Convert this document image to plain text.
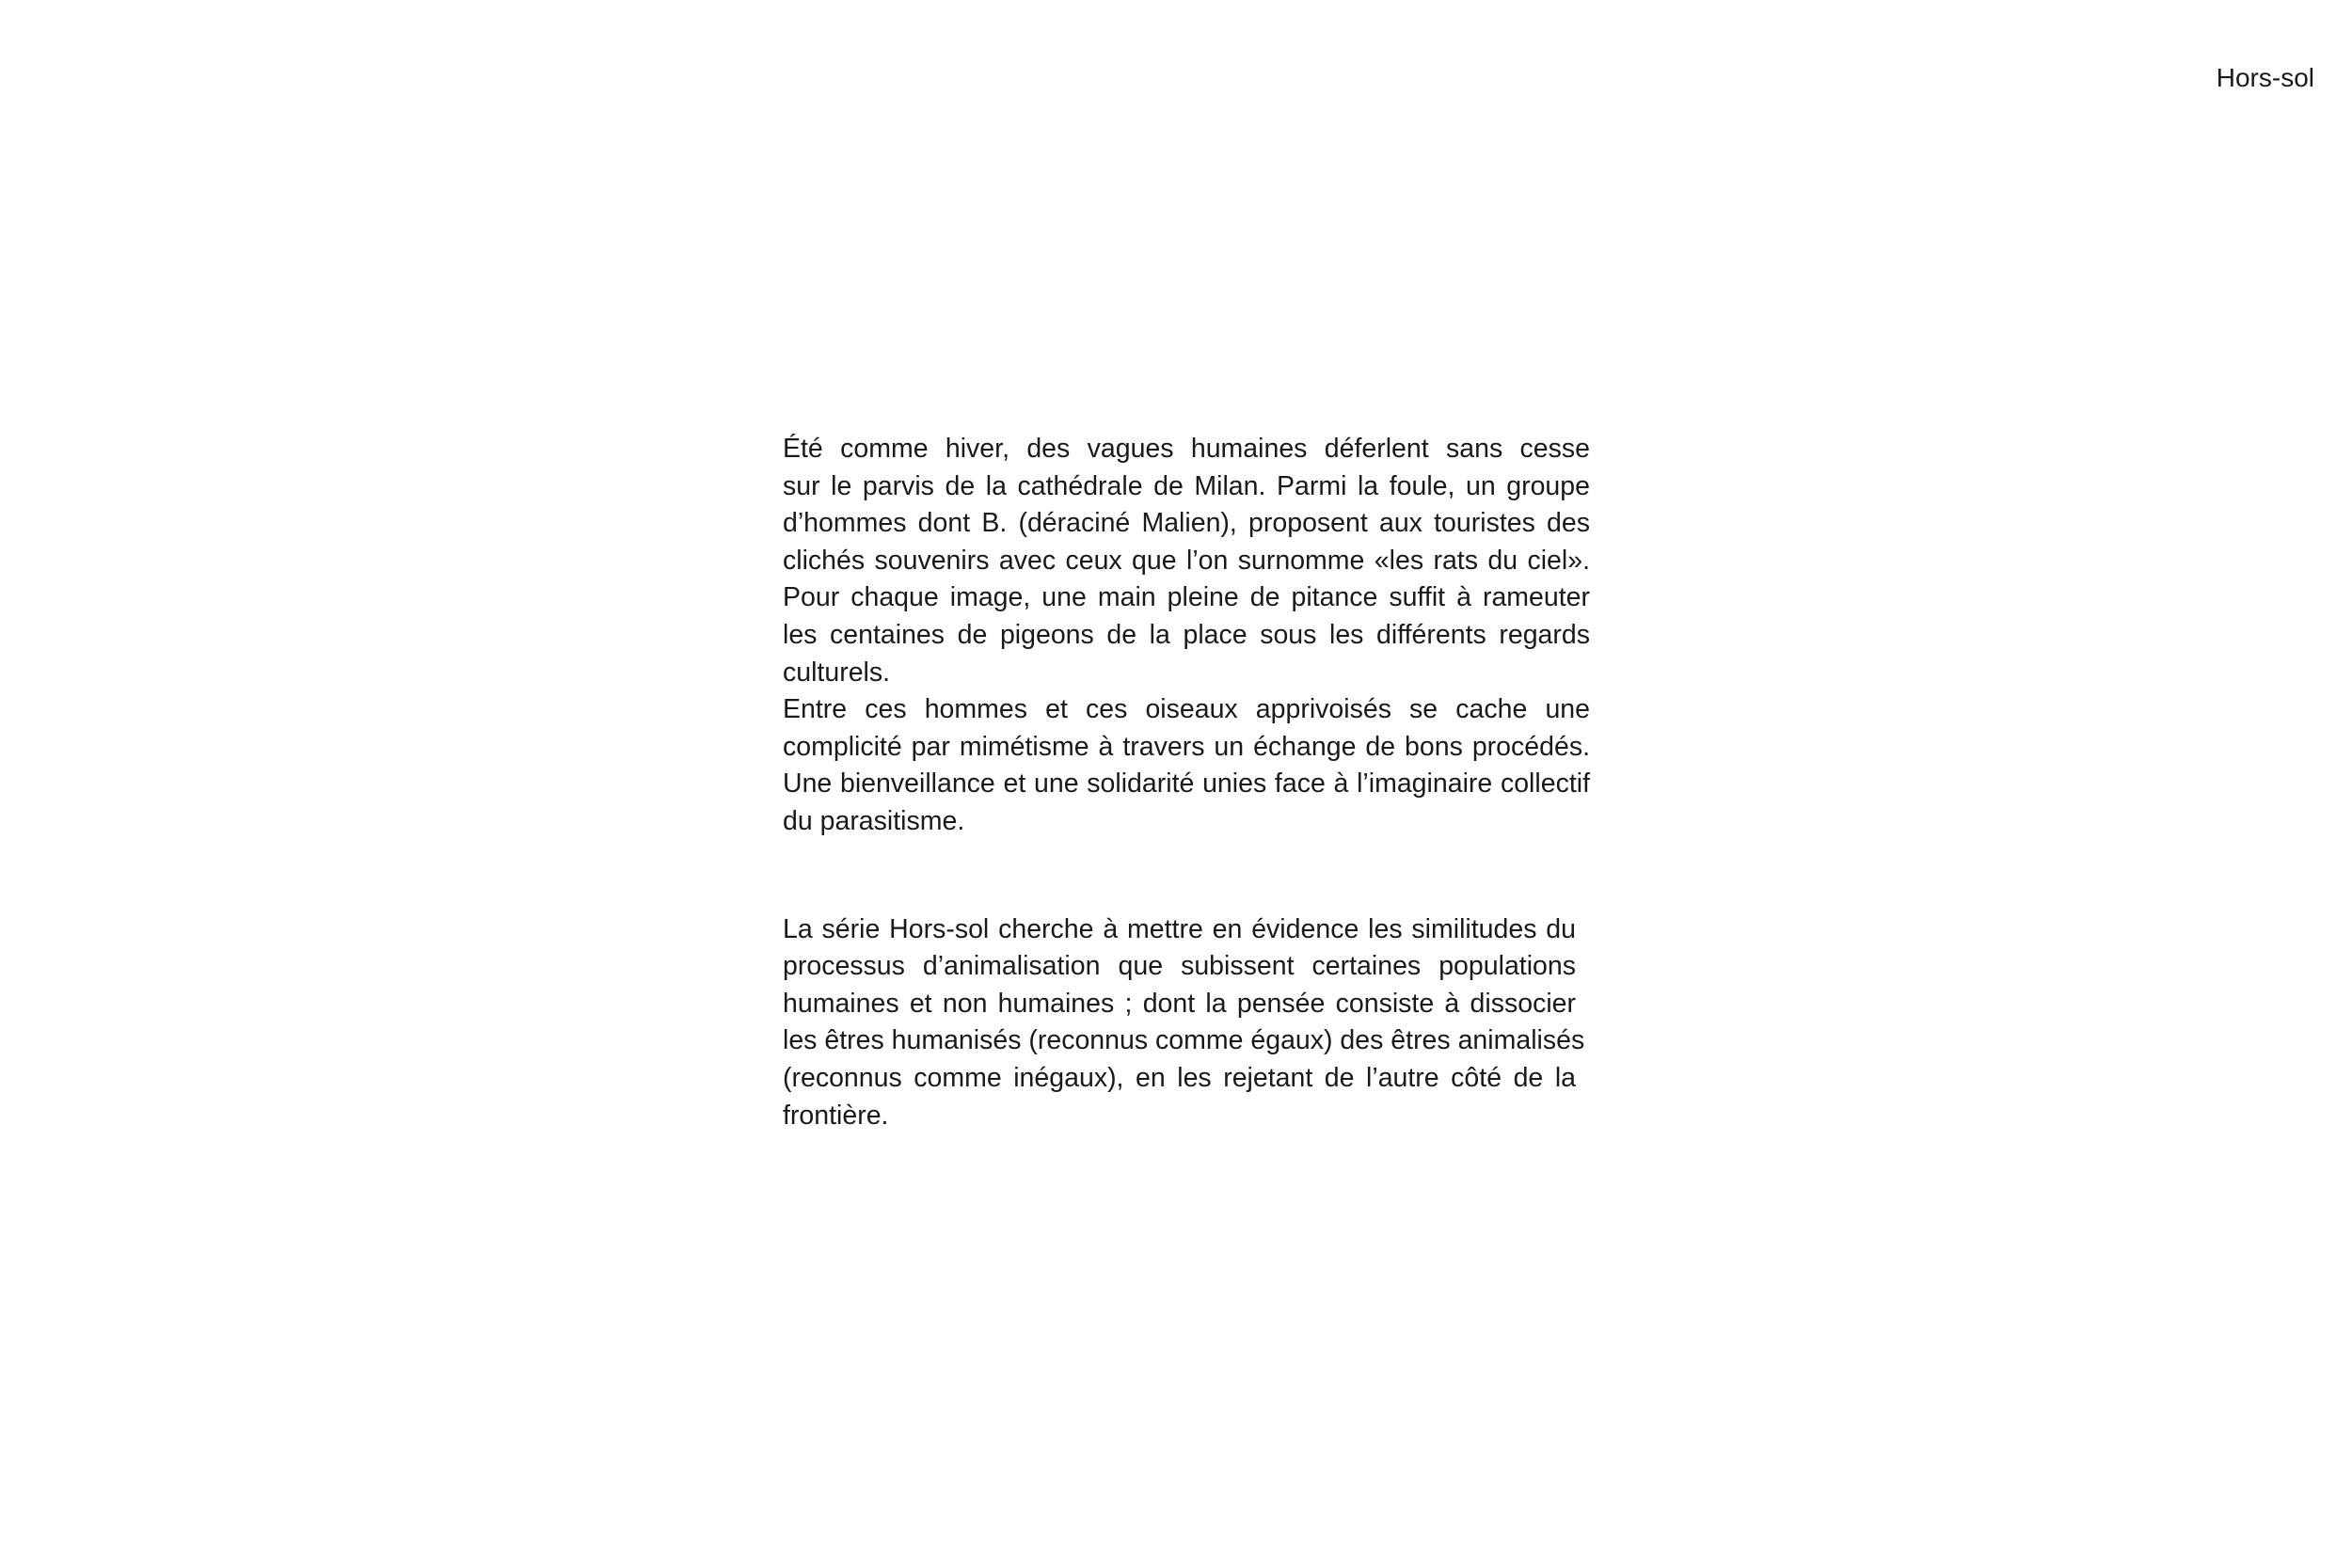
Hors-sol

Été comme hiver, des vagues humaines déferlent sans cesse
sur le parvis de la cathédrale de Milan. Parmi la foule, un groupe
d’hommes dont B. (déraciné Malien), proposent aux touristes des
clichés souvenirs avec ceux que l’on surnomme «les rats du ciel».
Pour chaque image, une main pleine de pitance suffit à rameuter
les centaines de pigeons de la place sous les différents regards
culturels.

Entre ces hommes et ces oiseaux apprivoisés se cache une
complicité par mimétisme à travers un échange de bons procédés.
Une bienveillance et une solidarité unies face à l’imaginaire collectif
du parasitisme.

La série Hors-sol cherche à mettre en évidence les similitudes du
processus d’animalisation que subissent certaines populations
humaines et non humaines ; dont la pensée consiste à dissocier
les êtres humanisés (reconnus comme égaux) des êtres animalisés
(reconnus comme inégaux), en les rejetant de l’autre côté de la
frontière.
